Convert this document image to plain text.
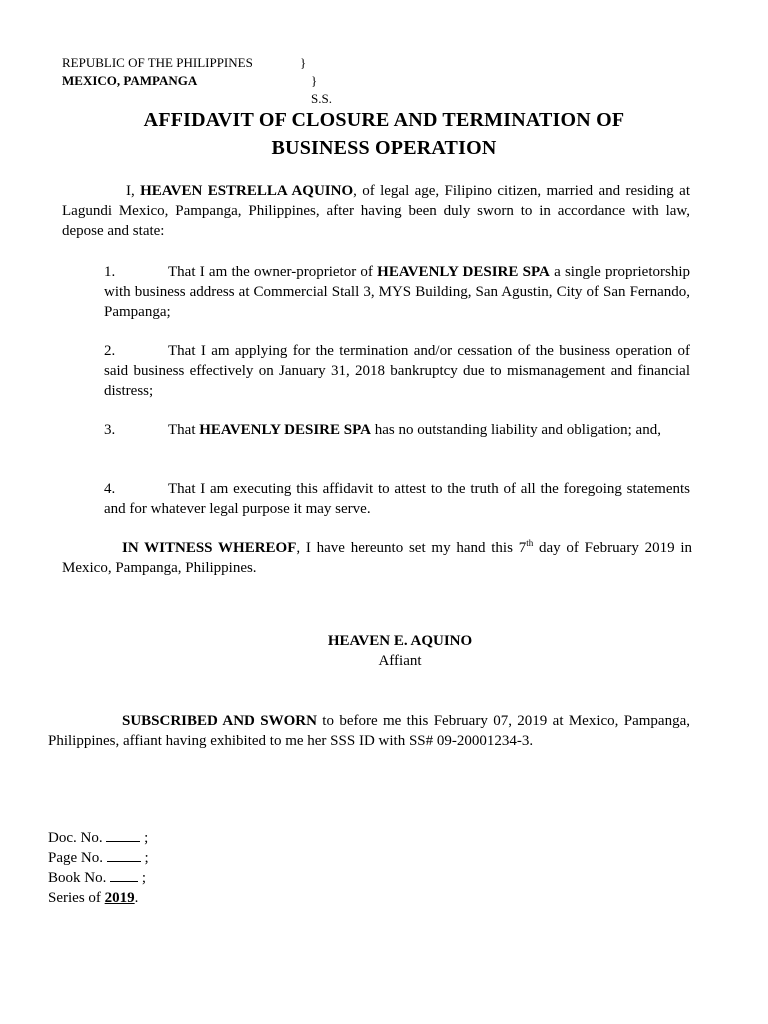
REPUBLIC OF THE PHILIPPINES	}
MEXICO, PAMPANGA	} S.S.
AFFIDAVIT OF CLOSURE AND TERMINATION OF
BUSINESS OPERATION
I, HEAVEN ESTRELLA AQUINO, of legal age, Filipino citizen, married and residing at Lagundi Mexico, Pampanga, Philippines, after having been duly sworn to in accordance with law, depose and state:
1.	That I am the owner-proprietor of HEAVENLY DESIRE SPA a single proprietorship with business address at Commercial Stall 3, MYS Building, San Agustin, City of San Fernando, Pampanga;
2.	That I am applying for the termination and/or cessation of the business operation of said business effectively on January 31, 2018 bankruptcy due to mismanagement and financial distress;
3.	That HEAVENLY DESIRE SPA has no outstanding liability and obligation; and,
4.	That I am executing this affidavit to attest to the truth of all the foregoing statements and for whatever legal purpose it may serve.
IN WITNESS WHEREOF, I have hereunto set my hand this 7th day of February 2019 in Mexico, Pampanga, Philippines.
HEAVEN E. AQUINO
Affiant
SUBSCRIBED AND SWORN to before me this February 07, 2019 at Mexico, Pampanga, Philippines, affiant having exhibited to me her SSS ID with SS# 09-20001234-3.
Doc. No.	;
Page No.	;
Book No.  ;
Series of 2019.
